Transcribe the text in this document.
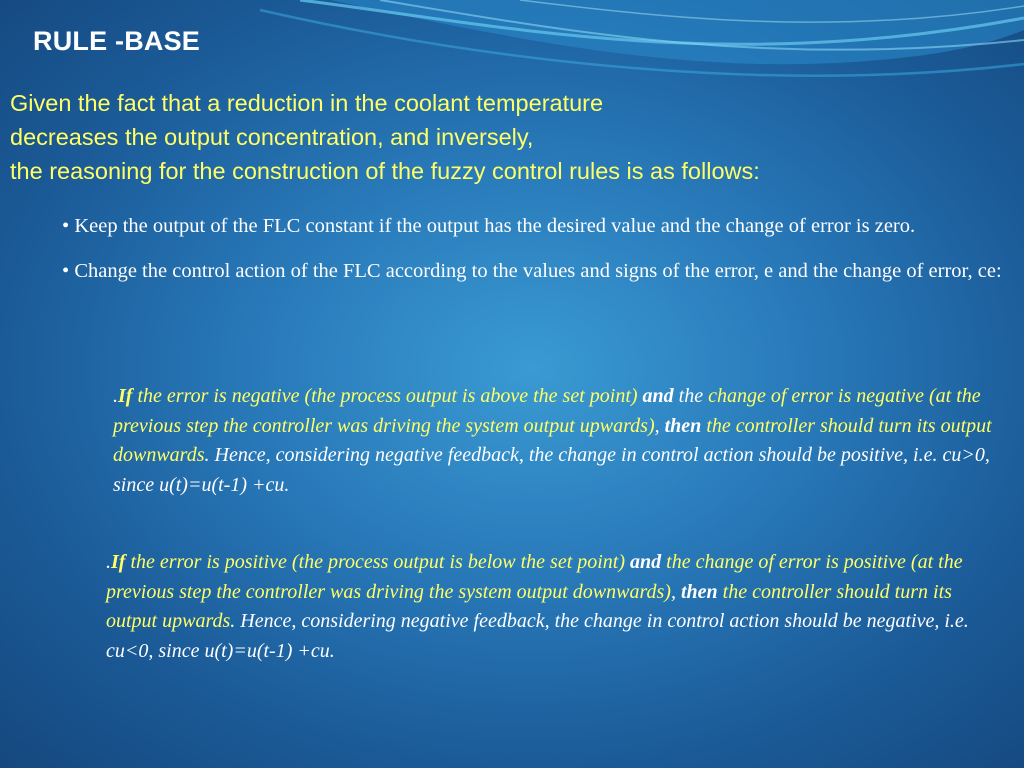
RULE -BASE
Given the fact that a reduction in the coolant temperature
decreases the output concentration, and inversely,
the reasoning for the construction of the fuzzy control rules is as follows:

• Keep the output of the FLC constant if the output has the desired value and the change of error is zero.

• Change the control action of the FLC according to the values and signs of the error, e and the change of error, ce:

.If the error is negative (the process output is above the set point) and the change of error is negative (at the previous step the controller was driving the system output upwards), then the controller should turn its output downwards. Hence, considering negative feedback, the change in control action should be positive, i.e. cu>0, since u(t)=u(t-1) +cu.

.If the error is positive (the process output is below the set point) and the change of error is positive (at the previous step the controller was driving the system output downwards), then the controller should turn its output upwards. Hence, considering negative feedback, the change in control action should be negative, i.e. cu<0, since u(t)=u(t-1) +cu.
